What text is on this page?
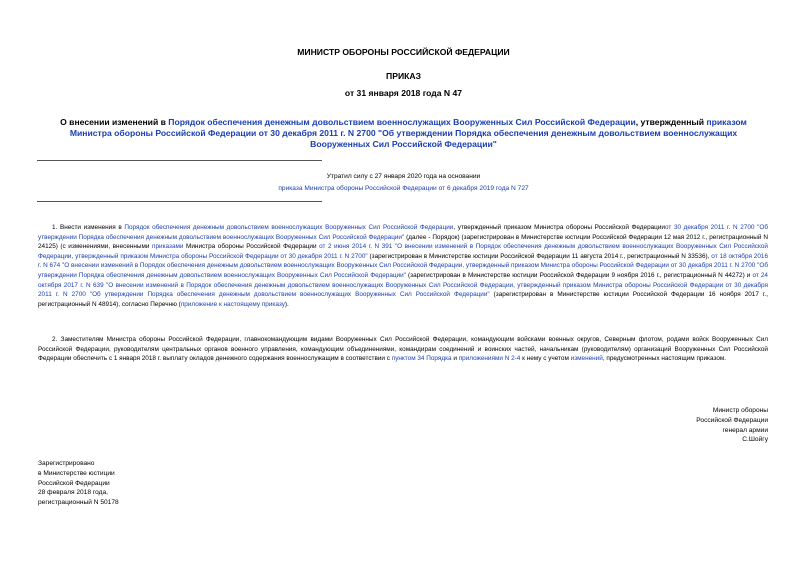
МИНИСТР ОБОРОНЫ РОССИЙСКОЙ ФЕДЕРАЦИИ
ПРИКАЗ
от 31 января 2018 года N 47
О внесении изменений в Порядок обеспечения денежным довольствием военнослужащих Вооруженных Сил Российской Федерации, утвержденный приказом Министра обороны Российской Федерации от 30 декабря 2011 г. N 2700 "Об утверждении Порядка обеспечения денежным довольствием военнослужащих Вооруженных Сил Российской Федерации"
Утратил силу с 27 января 2020 года на основании
приказа Министра обороны Российской Федерации от 6 декабря 2019 года N 727
1. Внести изменения в Порядок обеспечения денежным довольствием военнослужащих Вооруженных Сил Российской Федерации, утвержденный приказом Министра обороны Российской Федерацииот 30 декабря 2011 г. N 2700 "Об утверждении Порядка обеспечения денежным довольствием военнослужащих Вооруженных Сил Российской Федерации" (далее - Порядок) (зарегистрирован в Министерстве юстиции Российской Федерации 12 мая 2012 г., регистрационный N 24125) (с изменениями, внесенными приказами Министра обороны Российской Федерации от 2 июня 2014 г. N 391 "О внесении изменений в Порядок обеспечения денежным довольствием военнослужащих Вооруженных Сил Российской Федерации, утвержденный приказом Министра обороны Российской Федерации от 30 декабря 2011 г. N 2700" (зарегистрирован в Министерстве юстиции Российской Федерации 11 августа 2014 г., регистрационный N 33536), от 18 октября 2016 г. N 674 "О внесении изменений в Порядок обеспечения денежным довольствием военнослужащих Вооруженных Сил Российской Федерации, утвержденный приказом Министра обороны Российской Федерации от 30 декабря 2011 г. N 2700 "Об утверждении Порядка обеспечения денежным довольствием военнослужащих Вооруженных Сил Российской Федерации" (зарегистрирован в Министерстве юстиции Российской Федерации 9 ноября 2016 г., регистрационный N 44272) и от 24 октября 2017 г. N 639 "О внесении изменений в Порядок обеспечения денежным довольствием военнослужащих Вооруженных Сил Российской Федерации, утвержденный приказом Министра обороны Российской Федерации от 30 декабря 2011 г. N 2700 "Об утверждении Порядка обеспечения денежным довольствием военнослужащих Вооруженных Сил Российской Федерации" (зарегистрирован в Министерстве юстиции Российской Федерации 16 ноября 2017 г., регистрационный N 48914), согласно Перечню (приложение к настоящему приказу).
2. Заместителям Министра обороны Российской Федерации, главнокомандующим видами Вооруженных Сил Российской Федерации, командующим войсками военных округов, Северным флотом, родами войск Вооруженных Сил Российской Федерации, руководителям центральных органов военного управления, командующим объединениями, командирам соединений и воинских частей, начальникам (руководителям) организаций Вооруженных Сил Российской Федерации обеспечить с 1 января 2018 г. выплату окладов денежного содержания военнослужащим в соответствии с пунктом 34 Порядка и приложениями N 2-4 к нему с учетом изменений, предусмотренных настоящим приказом.
Министр обороны
Российской Федерации
генерал армии
С.Шойгу
Зарегистрировано
в Министерстве юстиции
Российской Федерации
28 февраля 2018 года,
регистрационный N 50178
